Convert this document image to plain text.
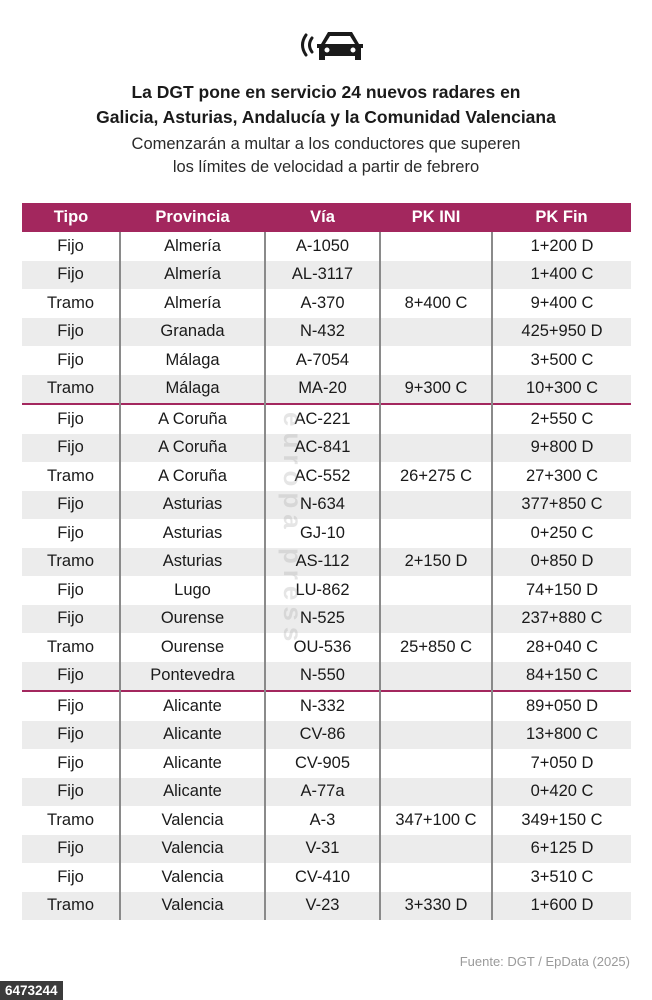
La DGT pone en servicio 24 nuevos radares en
Galicia, Asturias, Andalucía y la Comunidad Valenciana
Comenzarán a multar a los conductores que superen
los límites de velocidad a partir de febrero
Tipo	Provincia	Vía	PK INI	PK Fin
Fijo	Almería	A-1050		1+200 D
Fijo	Almería	AL-3117		1+400 C
Tramo	Almería	A-370	8+400 C	9+400 C
Fijo	Granada	N-432		425+950 D
Fijo	Málaga	A-7054		3+500 C
Tramo	Málaga	MA-20	9+300 C	10+300 C
Fijo	A Coruña	AC-221		2+550 C
Fijo	A Coruña	AC-841		9+800 D
Tramo	A Coruña	AC-552	26+275 C	27+300 C
Fijo	Asturias	N-634		377+850 C
Fijo	Asturias	GJ-10		0+250 C
Tramo	Asturias	AS-112	2+150 D	0+850 D
Fijo	Lugo	LU-862		74+150 D
Fijo	Ourense	N-525		237+880 C
Tramo	Ourense	OU-536	25+850 C	28+040 C
Fijo	Pontevedra	N-550		84+150 C
Fijo	Alicante	N-332		89+050 D
Fijo	Alicante	CV-86		13+800 C
Fijo	Alicante	CV-905		7+050 D
Fijo	Alicante	A-77a		0+420 C
Tramo	Valencia	A-3	347+100 C	349+150 C
Fijo	Valencia	V-31		6+125 D
Fijo	Valencia	CV-410		3+510 C
Tramo	Valencia	V-23	3+330 D	1+600 D
europa press
Fuente: DGT / EpData (2025)
6473244
